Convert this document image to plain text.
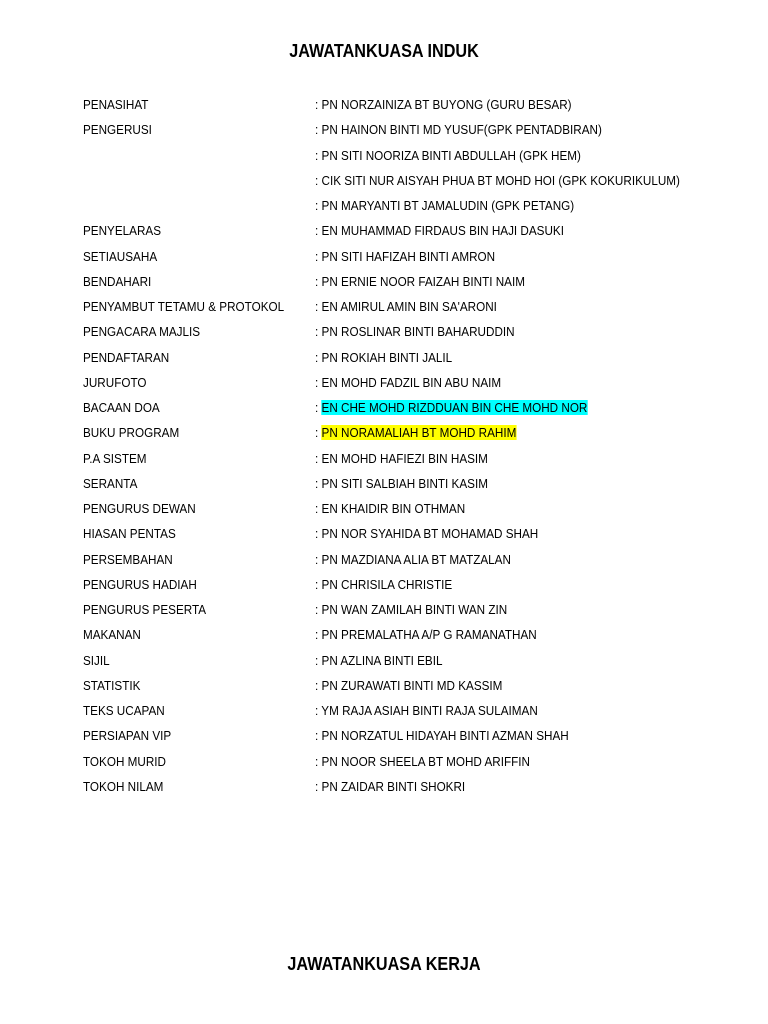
JAWATANKUASA INDUK
PENASIHAT	: PN NORZAINIZA BT BUYONG (GURU BESAR)
PENGERUSI	: PN HAINON BINTI MD YUSUF(GPK PENTADBIRAN)
: PN SITI NOORIZA BINTI ABDULLAH (GPK HEM)
: CIK SITI NUR AISYAH PHUA BT MOHD HOI (GPK KOKURIKULUM)
: PN MARYANTI BT JAMALUDIN (GPK PETANG)
PENYELARAS	: EN MUHAMMAD FIRDAUS BIN HAJI DASUKI
SETIAUSAHA	: PN SITI HAFIZAH BINTI AMRON
BENDAHARI	: PN ERNIE NOOR FAIZAH BINTI NAIM
PENYAMBUT TETAMU & PROTOKOL : EN AMIRUL AMIN BIN SA'ARONI
PENGACARA MAJLIS	: PN ROSLINAR BINTI BAHARUDDIN
PENDAFTARAN	: PN ROKIAH BINTI JALIL
JURUFOTO	: EN MOHD FADZIL BIN ABU NAIM
BACAAN DOA	: EN CHE MOHD RIZDDUAN BIN CHE MOHD NOR
BUKU PROGRAM	: PN NORAMALIAH BT MOHD RAHIM
P.A SISTEM	: EN MOHD HAFIEZI BIN HASIM
SERANTA	: PN SITI SALBIAH BINTI KASIM
PENGURUS DEWAN	: EN KHAIDIR BIN OTHMAN
HIASAN PENTAS	: PN NOR SYAHIDA BT MOHAMAD SHAH
PERSEMBAHAN	: PN MAZDIANA ALIA BT MATZALAN
PENGURUS HADIAH	: PN CHRISILA CHRISTIE
PENGURUS PESERTA	: PN WAN ZAMILAH BINTI WAN ZIN
MAKANAN	: PN PREMALATHA A/P G RAMANATHAN
SIJIL	: PN AZLINA BINTI EBIL
STATISTIK	: PN ZURAWATI BINTI MD KASSIM
TEKS UCAPAN	: YM RAJA ASIAH BINTI RAJA SULAIMAN
PERSIAPAN VIP	: PN NORZATUL HIDAYAH BINTI AZMAN SHAH
TOKOH MURID	: PN NOOR SHEELA BT MOHD ARIFFIN
TOKOH NILAM	: PN ZAIDAR BINTI SHOKRI
JAWATANKUASA KERJA
